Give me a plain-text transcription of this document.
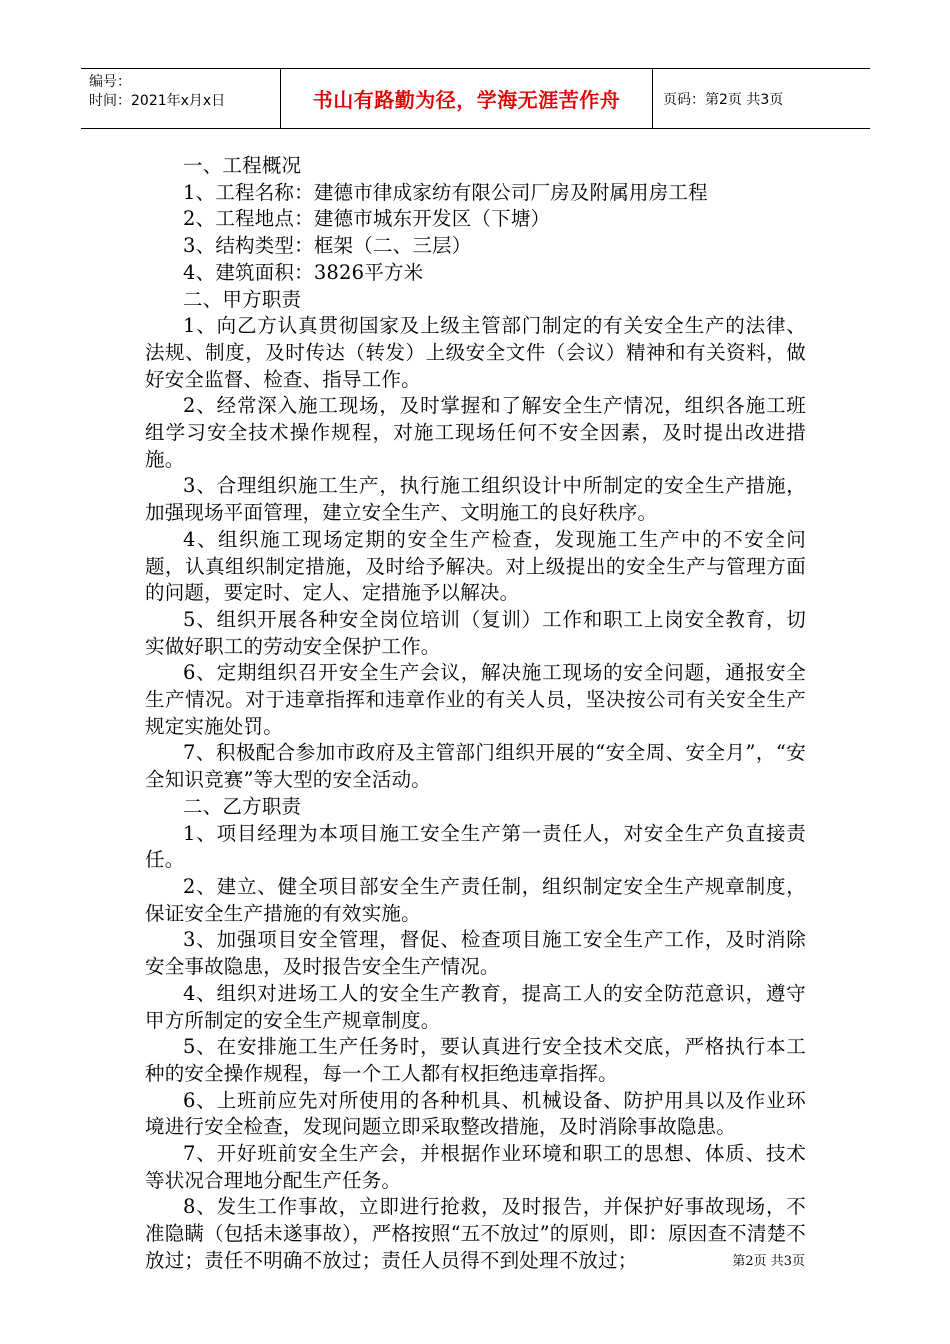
编号：
时间：2021年x月x日	书山有路勤为径，学海无涯苦作舟	页码：第2页 共3页

一、工程概况

1、工程名称：建德市律成家纺有限公司厂房及附属用房工程

2、工程地点：建德市城东开发区（下塘）

3、结构类型：框架（二、三层）

4、建筑面积：3826平方米

二、甲方职责

1、向乙方认真贯彻国家及上级主管部门制定的有关安全生产的法律、法规、制度，及时传达（转发）上级安全文件（会议）精神和有关资料，做好安全监督、检查、指导工作。

2、经常深入施工现场，及时掌握和了解安全生产情况，组织各施工班组学习安全技术操作规程，对施工现场任何不安全因素，及时提出改进措施。

3、合理组织施工生产，执行施工组织设计中所制定的安全生产措施，加强现场平面管理，建立安全生产、文明施工的良好秩序。

4、组织施工现场定期的安全生产检查，发现施工生产中的不安全问题，认真组织制定措施，及时给予解决。对上级提出的安全生产与管理方面的问题，要定时、定人、定措施予以解决。

5、组织开展各种安全岗位培训（复训）工作和职工上岗安全教育，切实做好职工的劳动安全保护工作。

6、定期组织召开安全生产会议，解决施工现场的安全问题，通报安全生产情况。对于违章指挥和违章作业的有关人员，坚决按公司有关安全生产规定实施处罚。

7、积极配合参加市政府及主管部门组织开展的“安全周、安全月”，“安全知识竞赛”等大型的安全活动。

二、乙方职责

1、项目经理为本项目施工安全生产第一责任人，对安全生产负直接责任。

2、建立、健全项目部安全生产责任制，组织制定安全生产规章制度，保证安全生产措施的有效实施。

3、加强项目安全管理，督促、检查项目施工安全生产工作，及时消除安全事故隐患，及时报告安全生产情况。

4、组织对进场工人的安全生产教育，提高工人的安全防范意识，遵守甲方所制定的安全生产规章制度。

5、在安排施工生产任务时，要认真进行安全技术交底，严格执行本工种的安全操作规程，每一个工人都有权拒绝违章指挥。

6、上班前应先对所使用的各种机具、机械设备、防护用具以及作业环境进行安全检查，发现问题立即采取整改措施，及时消除事故隐患。

7、开好班前安全生产会，并根据作业环境和职工的思想、体质、技术等状况合理地分配生产任务。

8、发生工作事故，立即进行抢救，及时报告，并保护好事故现场，不准隐瞒（包括未遂事故），严格按照“五不放过”的原则，即：原因查不清楚不放过；责任不明确不放过；责任人员得不到处理不放过；	第2页 共3页
